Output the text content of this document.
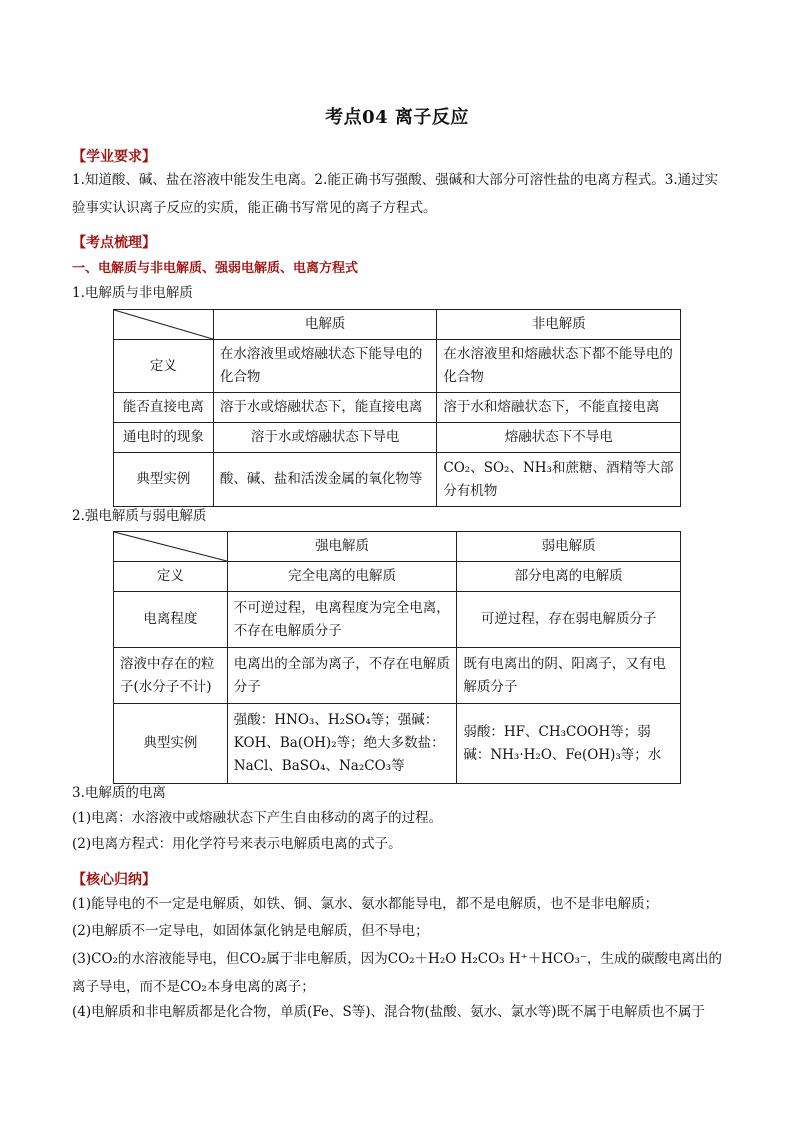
考点04 离子反应
【学业要求】
1.知道酸、碱、盐在溶液中能发生电离。2.能正确书写强酸、强碱和大部分可溶性盐的电离方程式。3.通过实验事实认识离子反应的实质，能正确书写常见的离子方程式。
【考点梳理】
一、电解质与非电解质、强弱电解质、电离方程式
1.电解质与非电解质
	电解质	非电解质
定义	在水溶液里或熔融状态下能导电的化合物	在水溶液里和熔融状态下都不能导电的化合物
能否直接电离	溶于水或熔融状态下，能直接电离	溶于水和熔融状态下，不能直接电离
通电时的现象	溶于水或熔融状态下导电	熔融状态下不导电
典型实例	酸、碱、盐和活泼金属的氧化物等	CO₂、SO₂、NH₃和蔗糖、酒精等大部分有机物
2.强电解质与弱电解质
	强电解质	弱电解质
定义	完全电离的电解质	部分电离的电解质
电离程度	不可逆过程，电离程度为完全电离，不存在电解质分子	可逆过程，存在弱电解质分子
溶液中存在的粒子(水分子不计)	电离出的全部为离子，不存在电解质分子	既有电离出的阴、阳离子，又有电解质分子
典型实例	强酸：HNO₃、H₂SO₄等；强碱：KOH、Ba(OH)₂等；绝大多数盐：NaCl、BaSO₄、Na₂CO₃等	弱酸：HF、CH₃COOH等；弱碱：NH₃·H₂O、Fe(OH)₃等；水
3.电解质的电离
(1)电离：水溶液中或熔融状态下产生自由移动的离子的过程。
(2)电离方程式：用化学符号来表示电解质电离的式子。
【核心归纳】
(1)能导电的不一定是电解质，如铁、铜、氯水、氨水都能导电，都不是电解质，也不是非电解质；
(2)电解质不一定导电，如固体氯化钠是电解质，但不导电；
(3)CO₂的水溶液能导电，但CO₂属于非电解质，因为CO₂＋H₂O H₂CO₃ H⁺＋HCO₃⁻，生成的碳酸电离出的离子导电，而不是CO₂本身电离的离子；
(4)电解质和非电解质都是化合物，单质(Fe、S等)、混合物(盐酸、氨水、氯水等)既不属于电解质也不属于
